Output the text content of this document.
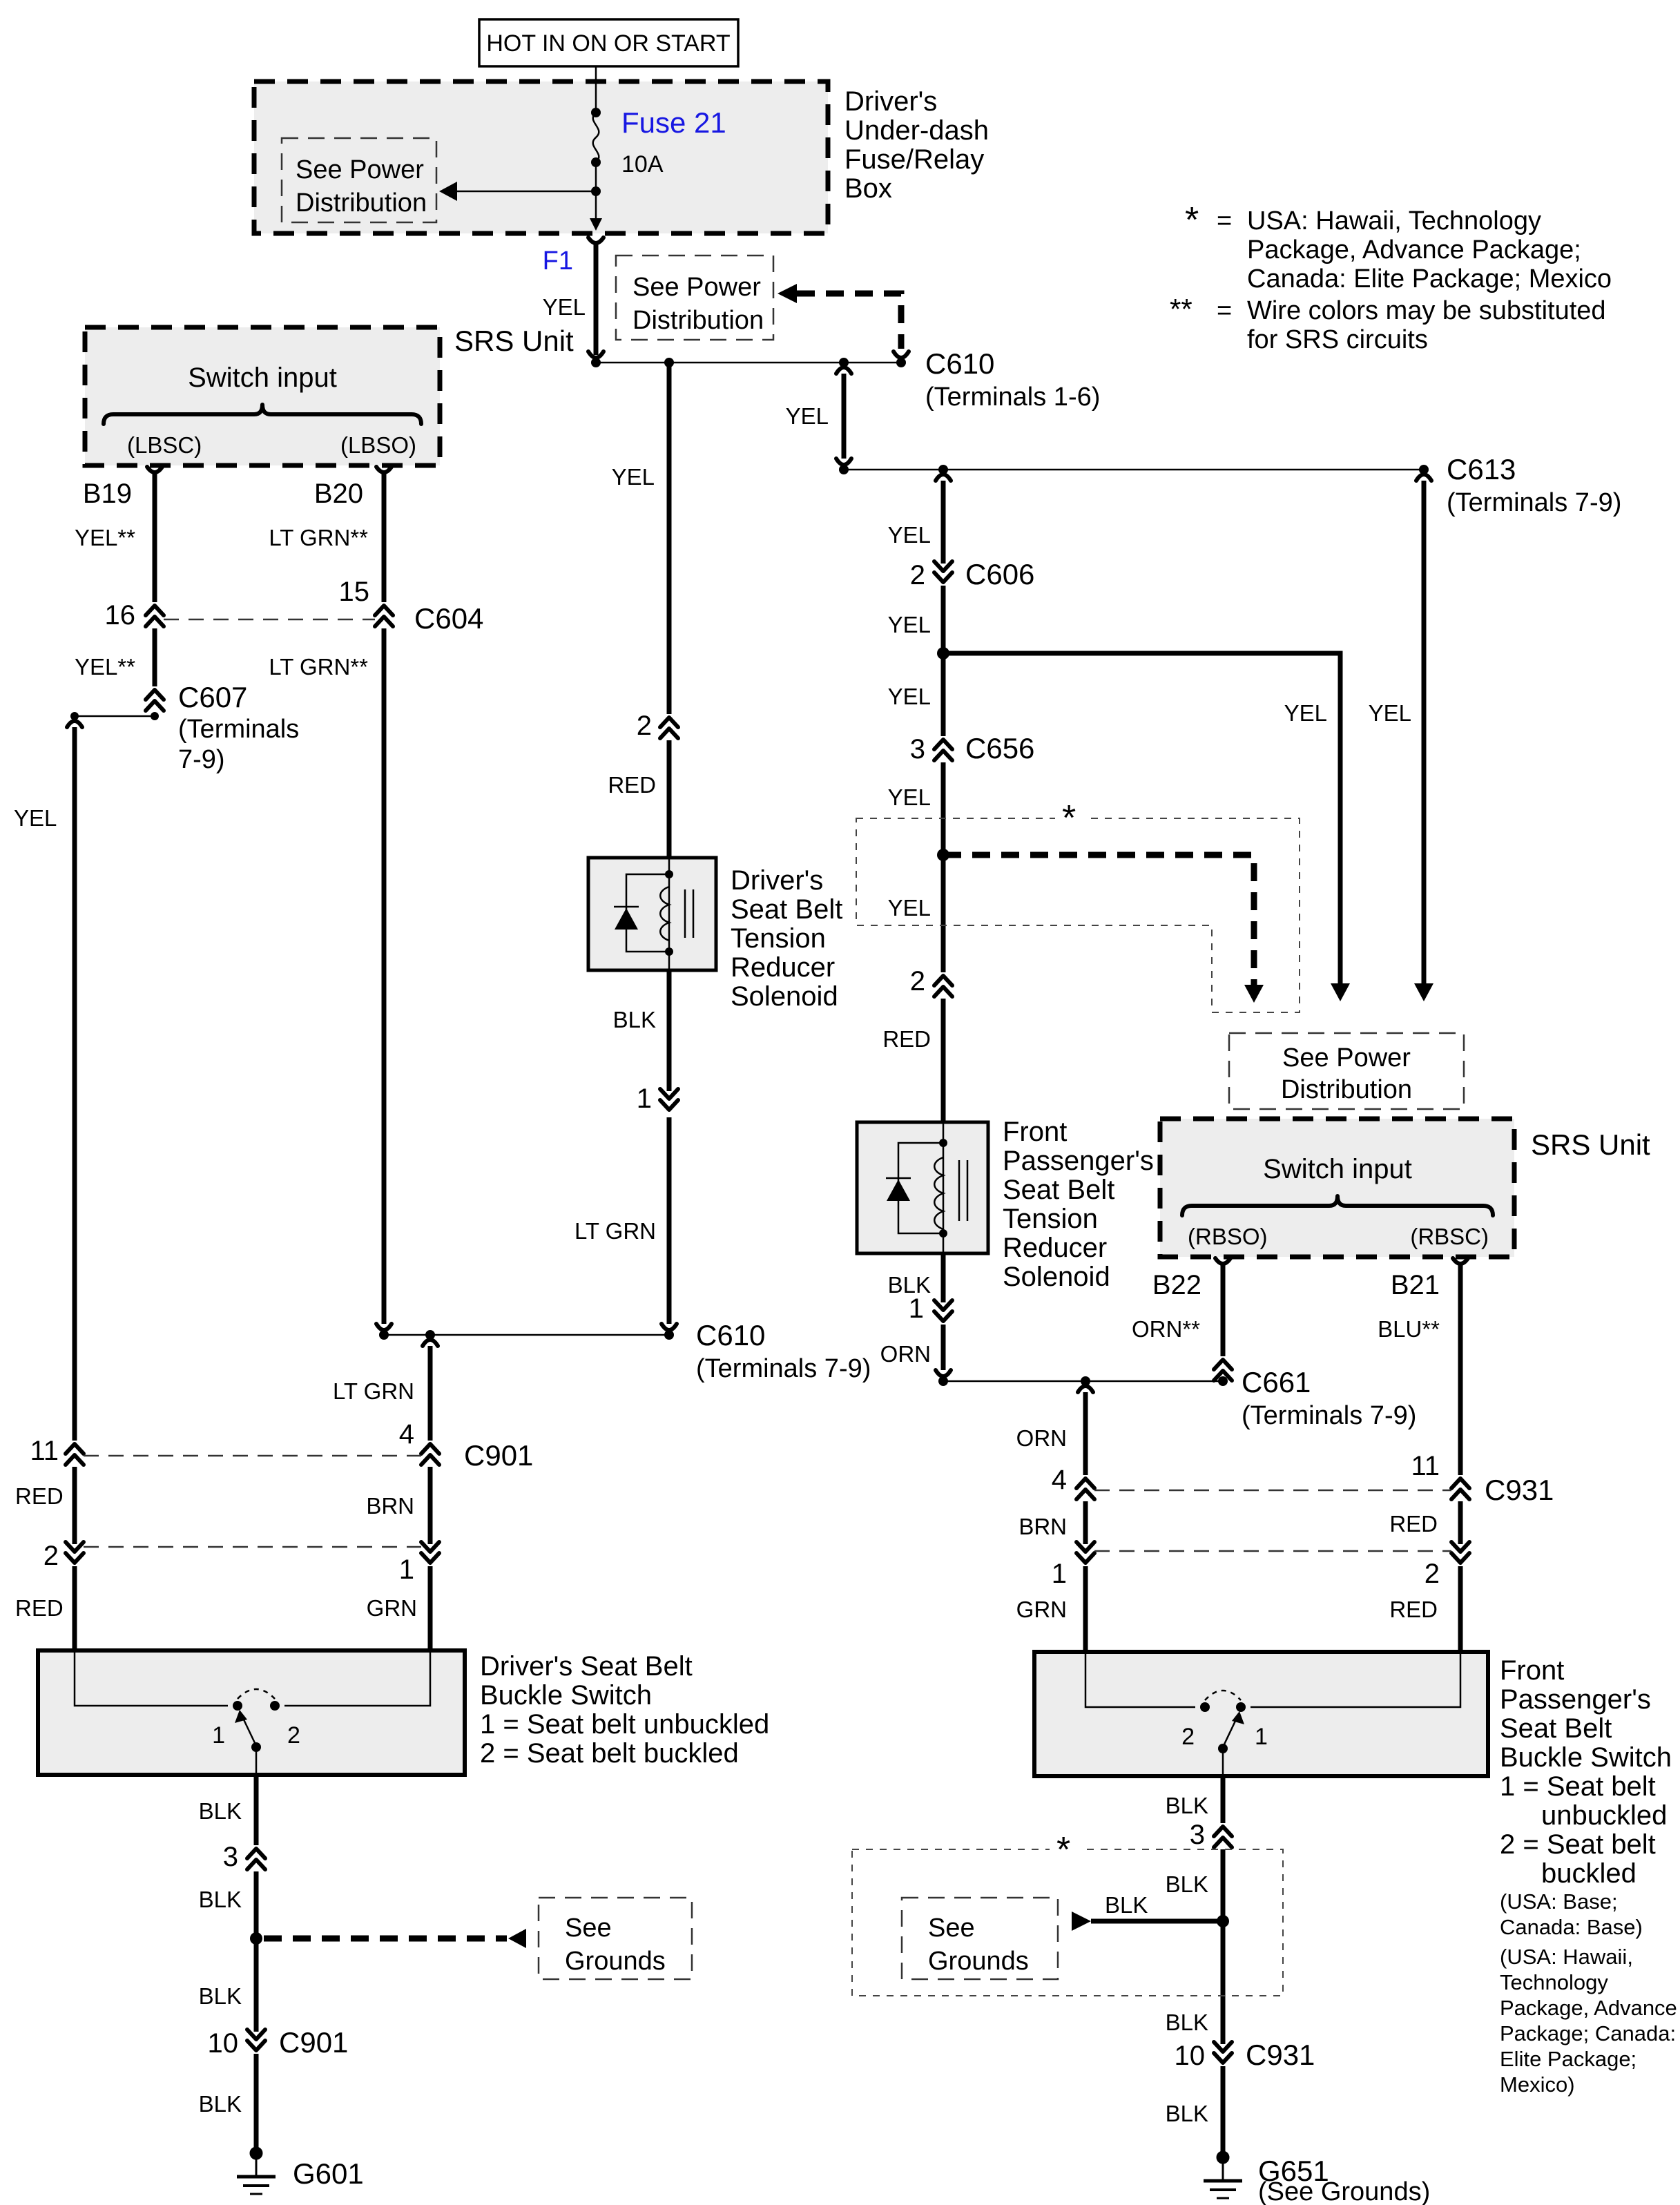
HOT IN ON OR START
See Power
Distribution
Fuse 21
10A
Driver's
Under-dash
Fuse/Relay
Box
F1
YEL
See Power
Distribution
C610
(Terminals 1-6)
Switch input
(LBSC)	(LBSO)
SRS Unit
B19
YEL**
16
YEL**
B20
LT GRN**
15
LT GRN**
C604
C607
(Terminals
7-9)
YEL
11
RED
2
RED
YEL
2
RED
Driver's
Seat Belt
Tension
Reducer
Solenoid
BLK
1
LT GRN
C610
(Terminals 7-9)
LT GRN
4
BRN
1
GRN
C901
YEL
C613
(Terminals 7-9)
YEL
YEL
2 C606
YEL
YEL
3 C656
YEL
YEL
2
RED
YEL
*
See Power
Distribution
Front
Passenger's
Seat Belt
Tension
Reducer
Solenoid
BLK
1
ORN
C661
(Terminals 7-9)
Switch input
(RBSO)	(RBSC)
SRS Unit
B22
ORN**
B21
BLU**
11
RED
2
RED
ORN
4
BRN
1
GRN
C931
1	2
Driver's Seat Belt
Buckle Switch
1 = Seat belt unbuckled
2 = Seat belt buckled
BLK
3
BLK
BLK
10 C901
BLK
G601
See
Grounds
2	1
Front
Passenger's
Seat Belt
Buckle Switch
1 = Seat belt
unbuckled
2 = Seat belt
buckled
(USA: Base;
Canada: Base)
(USA: Hawaii,
Technology
Package, Advance
Package; Canada:
Elite Package;
Mexico)
BLK
3
BLK
BLK
10 C931
BLK
G651
(See Grounds)
*
See
Grounds
BLK
* = USA: Hawaii, Technology
Package, Advance Package;
Canada: Elite Package; Mexico
** = Wire colors may be substituted
for SRS circuits
